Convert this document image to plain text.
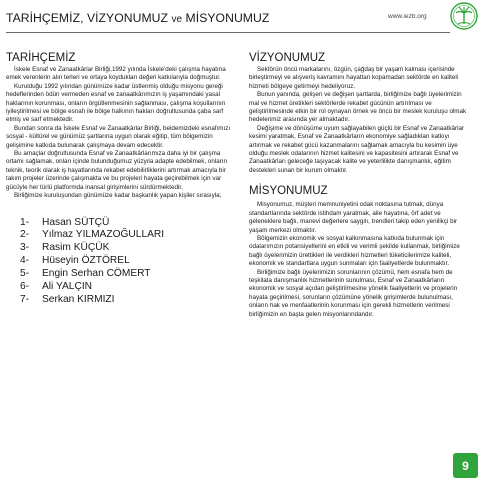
TARİHÇEMİZ, VİZYONUMUZ ve MİSYONUMUZ	www.iezb.org
TARİHÇEMİZ

İskele Esnaf ve Zanaatkârlar Birliği,1992 yılında İskele'deki çalışma hayatına emek verenlerin alın terleri ve ortaya koydukları değeri katkılarıyla doğmuştur.

Kurulduğu 1992 yılından günümüze kadar üstlenmiş olduğu misyonu gereği hedeflerinden ödün vermeden esnaf ve zanaatkârımızın iş yaşamındaki yasal haklarının korunması, onların örgütlenmesinin sağlanması, çalışma koşullarının iyileştirilmesi ve bölge esnafı ile bölge halkının hakları doğrultusunda çaba sarf etmiş ve sarf etmektedir.

Bundan sonra da İskele Esnaf ve Zanaatkârlar Birliği, beldemizdeki esnafımızı sosyal - kültürel ve günümüz şartlarına uygun olarak eğitip, tüm bölgemizin gelişimine katkıda bulunarak çalışmaya devam edecektir.

Bu amaçlar doğrultusunda Esnaf ve Zanaatkârlarımıza daha iyi bir çalışma ortamı sağlamak, onları içinde bulunduğumuz yüzyıla adapte edebilmek, onların teknik, teorik olarak iş hayatlarında rekabet edebilirliklerini artırmak amacıyla bir takım projeler üzerinde çalışmakta ve bu projeleri hayata geçirebilmek için var gücüyle her türlü platformda inansal girişimlerini sürdürmektedir.

Birliğimize kuruluşundan günümüze kadar başkanlık yapan kişiler sırasıyla;

1- Hasan SÜTÇÜ
2- Yılmaz YILMAZOĞULLARI
3- Rasim KÜÇÜK
4- Hüseyin ÖZTÖREL
5- Engin Serhan CÖMERT
6- Ali YALÇIN
7- Serkan KIRMIZI
VİZYONUMUZ

Sektörün öncü markalarını, özgün, çağdaş bir yaşam kalması içerisinde birleştirmeyi ve alışveriş kavramını hayattan kopamadan sektörde en kaliteli hizmeti bölgeye getirmeyi hedeliyoruz.

Bunun yanında, gelişen ve değişen şartlarda, birliğimize bağlı üyelerimizin mal ve hizmet üretikleri sektörlerde rekabet gücünün artırılması ve geliştirilmesinde etkin bir rol oynayan örnek ve öncü bir meslek kuruluşu olmak hedelerimiz arasında yer almaktadır.

Değişime ve dönüşüme uyum sağlayabilen güçlü bir Esnaf ve Zanaatkârlar kesimi yaratmak, Esnaf ve Zanaatkârların ekonomiye sağladıkları katkıyı artırmak ve rekabet gücü kazanmalarını sağlamak amacıyla bu kesimin üye olduğu meslek odalarının hizmet kalitesini ve kapasitesini artırarak Esnaf ve Zanaatkârları geleceğe taşıyacak kalite ve yeterlilikte danışmanlık, eğitim destekleri sunan bir kurum olmaktır.

MİSYONUMUZ

Misyonumuz, müşteri memnuniyetini odak noktasına tutmak, dünya standartlarında sektörde istihdam yaratmak, aile hayatına, örf adet ve geleneklere bağlı, manevi değerlere saygılı, trendleri takip eden yenilikçi bir yaşam merkezi olmaktır.

Bölgemizin ekonomik ve sosyal kalkınmasına katkıda bulunmak için odalarımızın potansiyellerini en etkili ve verimli şekilde kullanmak, birliğimize bağlı üyelerimizin ürettikleri ile verdikleri hizmetleri tüketicilerimize kaliteli, ekonomik ve standartlara uygun sunmaları için faaliyetlerde bulunmaktır.

Birliğimize bağlı üyelerimizin sorunlarının çözümü, hem esnafa hem de teşkilata danışmanlık hizmetlerinin sunulması, Esnaf ve Zanaatkârların ekonomik ve sosyal açıdan geliştirilmesine yönelik faaliyetlerin ve projelerin hayata geçirilmesi, sorunların çözümüne yönelik girişimlerde bulunulması, onların hak ve menfaatlerinin korunması için gerekli hizmetlerin verilmesi birliğimizin en başta gelen misyonlarındandır.

9
